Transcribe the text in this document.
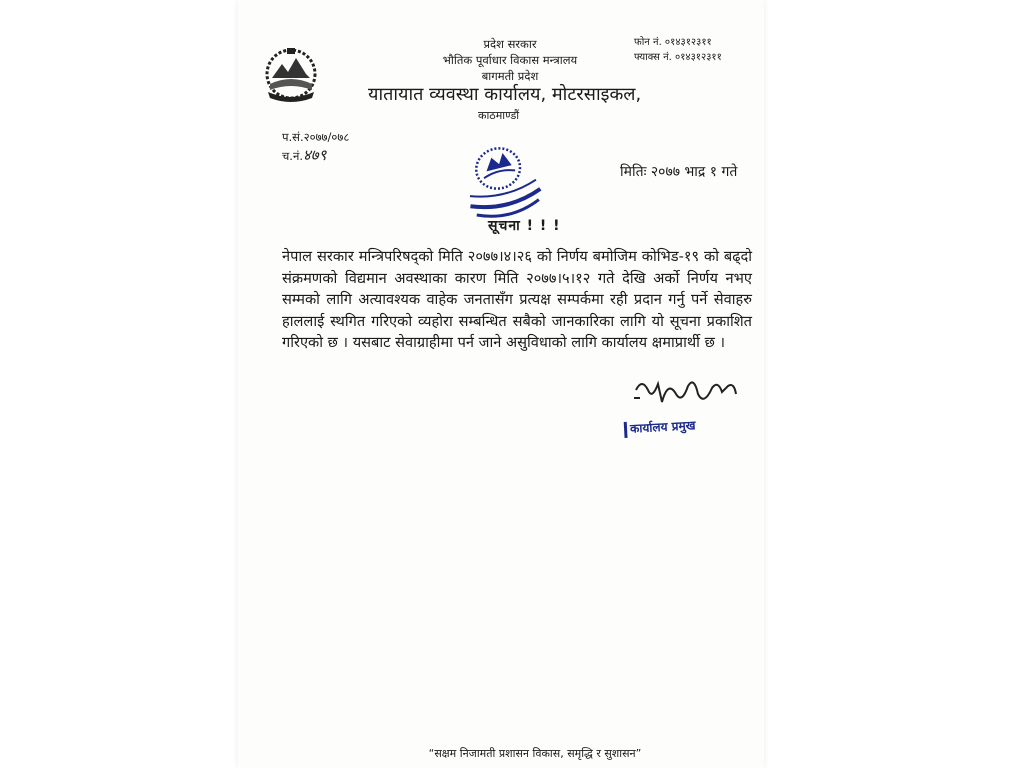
प्रदेश सरकार
भौतिक पूर्वाधार विकास मन्त्रालय
बागमती प्रदेश
फोन नं. ०१४३१२३११
फ्याक्स नं. ०१४३१२३११
यातायात व्यवस्था कार्यालय, मोटरसाइकल,
काठमाण्डौं
प.सं.२०७७/०७८
च.नं.४७९
मितिः २०७७ भाद्र १ गते
सूचना ! ! !
नेपाल सरकार मन्त्रिपरिषद्को मिति २०७७।४।२६ को निर्णय बमोजिम कोभिड-१९ को बढ्दो संक्रमणको विद्यमान अवस्थाका कारण मिति २०७७।५।१२ गते देखि अर्को निर्णय नभए सम्मको लागि अत्यावश्यक वाहेक जनतासँग प्रत्यक्ष सम्पर्कमा रही प्रदान गर्नु पर्ने सेवाहरु हाललाई स्थगित गरिएको व्यहोरा सम्बन्धित सबैको जानकारिका लागि यो सूचना प्रकाशित गरिएको छ । यसबाट सेवाग्राहीमा पर्न जाने असुविधाको लागि कार्यालय क्षमाप्रार्थी छ ।
कार्यालय प्रमुख
“सक्षम निजामती प्रशासन विकास, समृद्धि र सुशासन”
